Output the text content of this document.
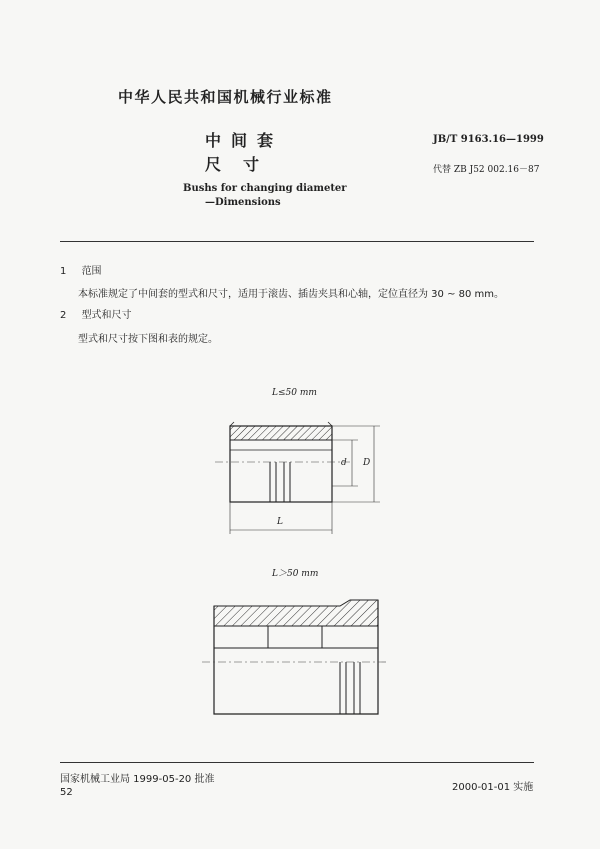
中华人民共和国机械行业标准
中间套
尺寸
Bushs for changing diameter
—Dimensions
JB/T 9163.16—1999
代替 ZB J52 002.16－87
1 范围
本标准规定了中间套的型式和尺寸，适用于滚齿、插齿夹具和心轴，定位直径为 30 ~ 80 mm。
2 型式和尺寸
型式和尺寸按下图和表的规定。
L≤50 mm
d D
L
L＞50 mm
国家机械工业局 1999-05-20 批准
52	2000-01-01 实施
